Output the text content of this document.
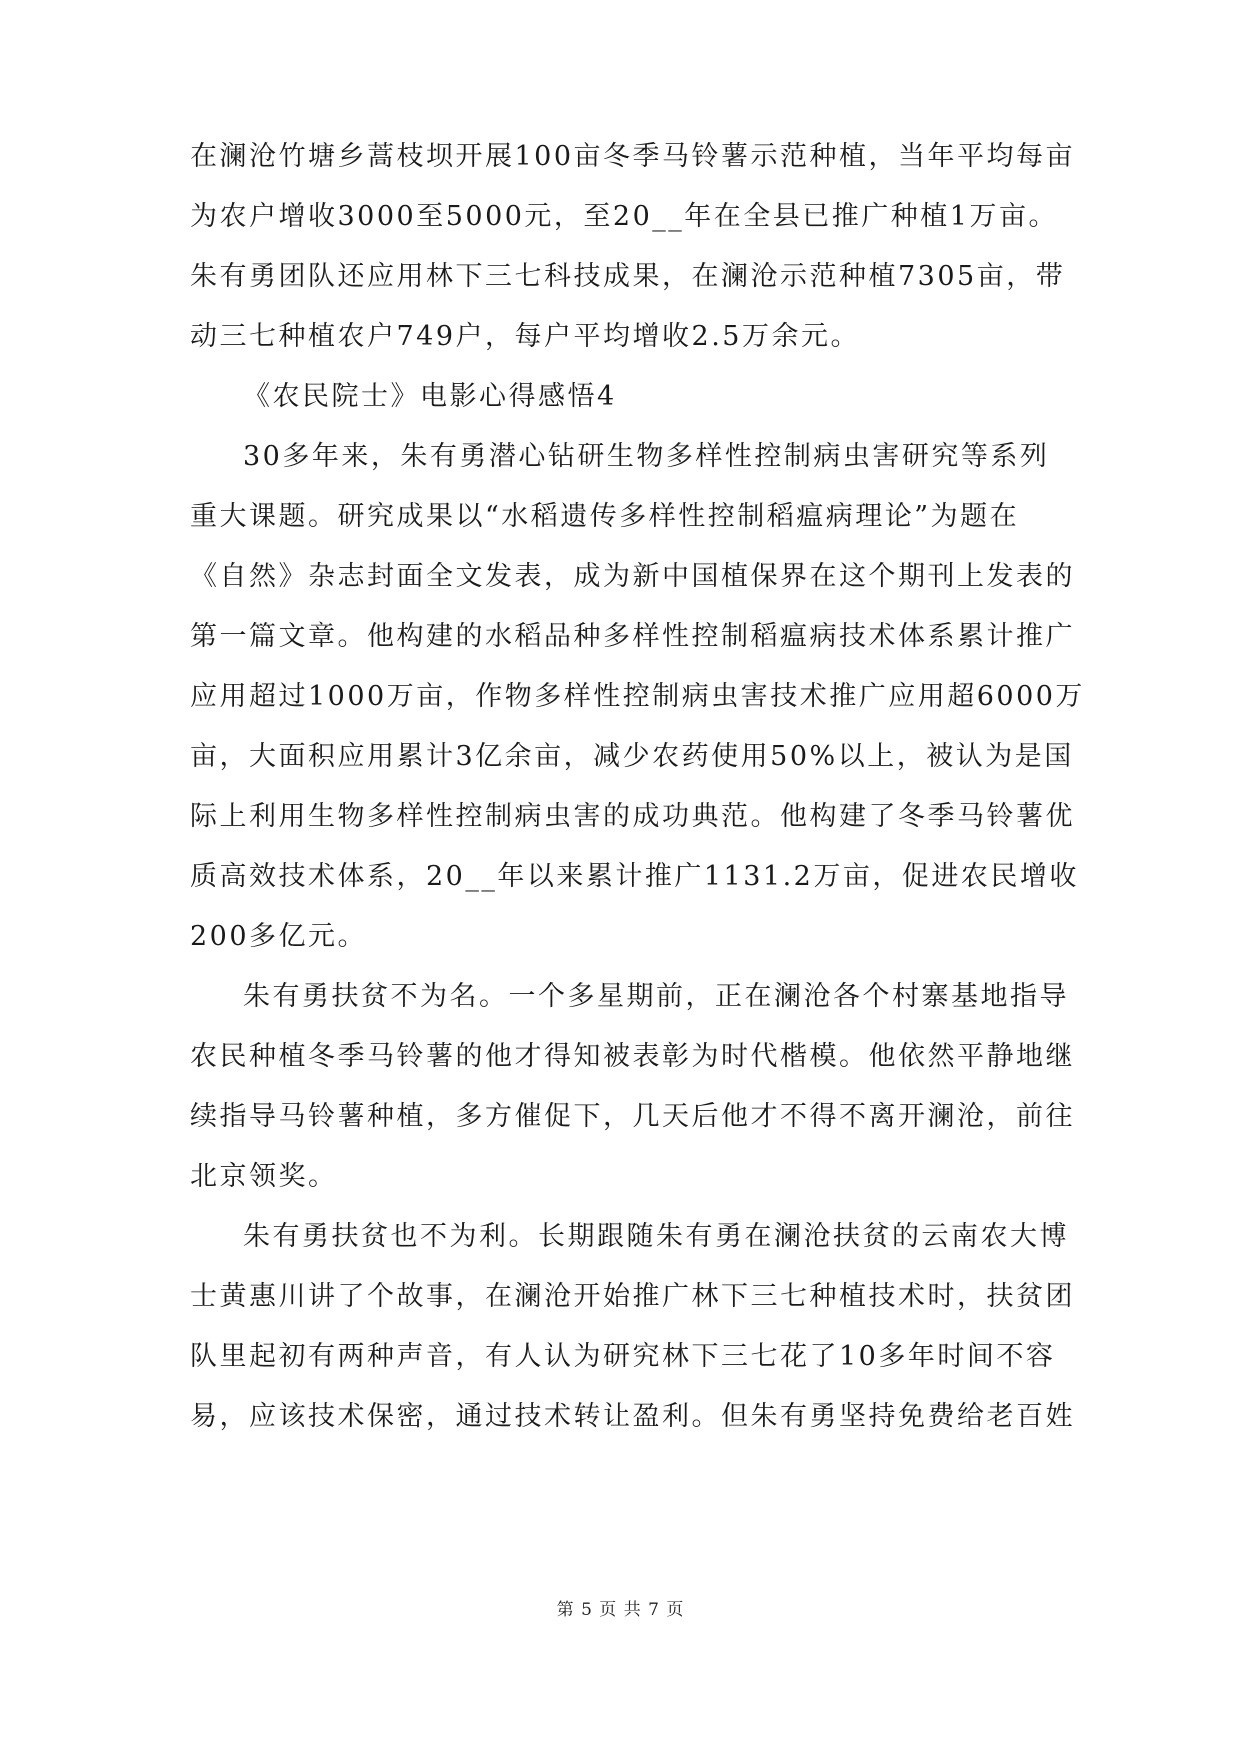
在澜沧竹塘乡蒿枝坝开展100亩冬季马铃薯示范种植，当年平均每亩
为农户增收3000至5000元，至20__年在全县已推广种植1万亩。
朱有勇团队还应用林下三七科技成果，在澜沧示范种植7305亩，带
动三七种植农户749户，每户平均增收2.5万余元。
《农民院士》电影心得感悟4
30多年来，朱有勇潜心钻研生物多样性控制病虫害研究等系列
重大课题。研究成果以“水稻遗传多样性控制稻瘟病理论”为题在
《自然》杂志封面全文发表，成为新中国植保界在这个期刊上发表的
第一篇文章。他构建的水稻品种多样性控制稻瘟病技术体系累计推广
应用超过1000万亩，作物多样性控制病虫害技术推广应用超6000万
亩，大面积应用累计3亿余亩，减少农药使用50%以上，被认为是国
际上利用生物多样性控制病虫害的成功典范。他构建了冬季马铃薯优
质高效技术体系，20__年以来累计推广1131.2万亩，促进农民增收
200多亿元。
朱有勇扶贫不为名。一个多星期前，正在澜沧各个村寨基地指导
农民种植冬季马铃薯的他才得知被表彰为时代楷模。他依然平静地继
续指导马铃薯种植，多方催促下，几天后他才不得不离开澜沧，前往
北京领奖。
朱有勇扶贫也不为利。长期跟随朱有勇在澜沧扶贫的云南农大博
士黄惠川讲了个故事，在澜沧开始推广林下三七种植技术时，扶贫团
队里起初有两种声音，有人认为研究林下三七花了10多年时间不容
易，应该技术保密，通过技术转让盈利。但朱有勇坚持免费给老百姓
第 5 页 共 7 页
